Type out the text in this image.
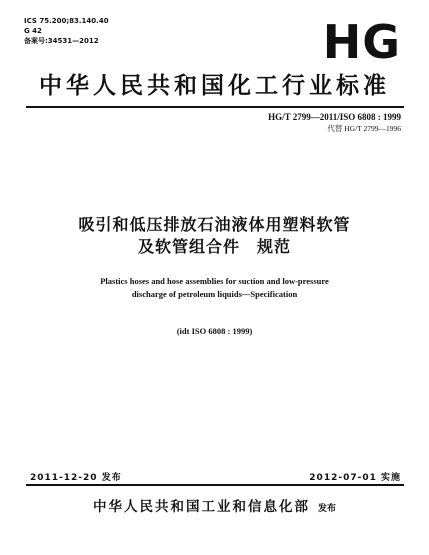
ICS 75.200;83.140.40
G 42
备案号:34531—2012	HG
中华人民共和国化工行业标准
HG/T 2799—2011/ISO 6808 : 1999
代替 HG/T 2799—1996
吸引和低压排放石油液体用塑料软管
及软管组合件　规范
Plastics hoses and hose assemblies for suction and low-pressure
discharge of petroleum liquids—Specification
(idt ISO 6808 : 1999)
2011-12-20 发布	2012-07-01 实施
中华人民共和国工业和信息化部 发布
